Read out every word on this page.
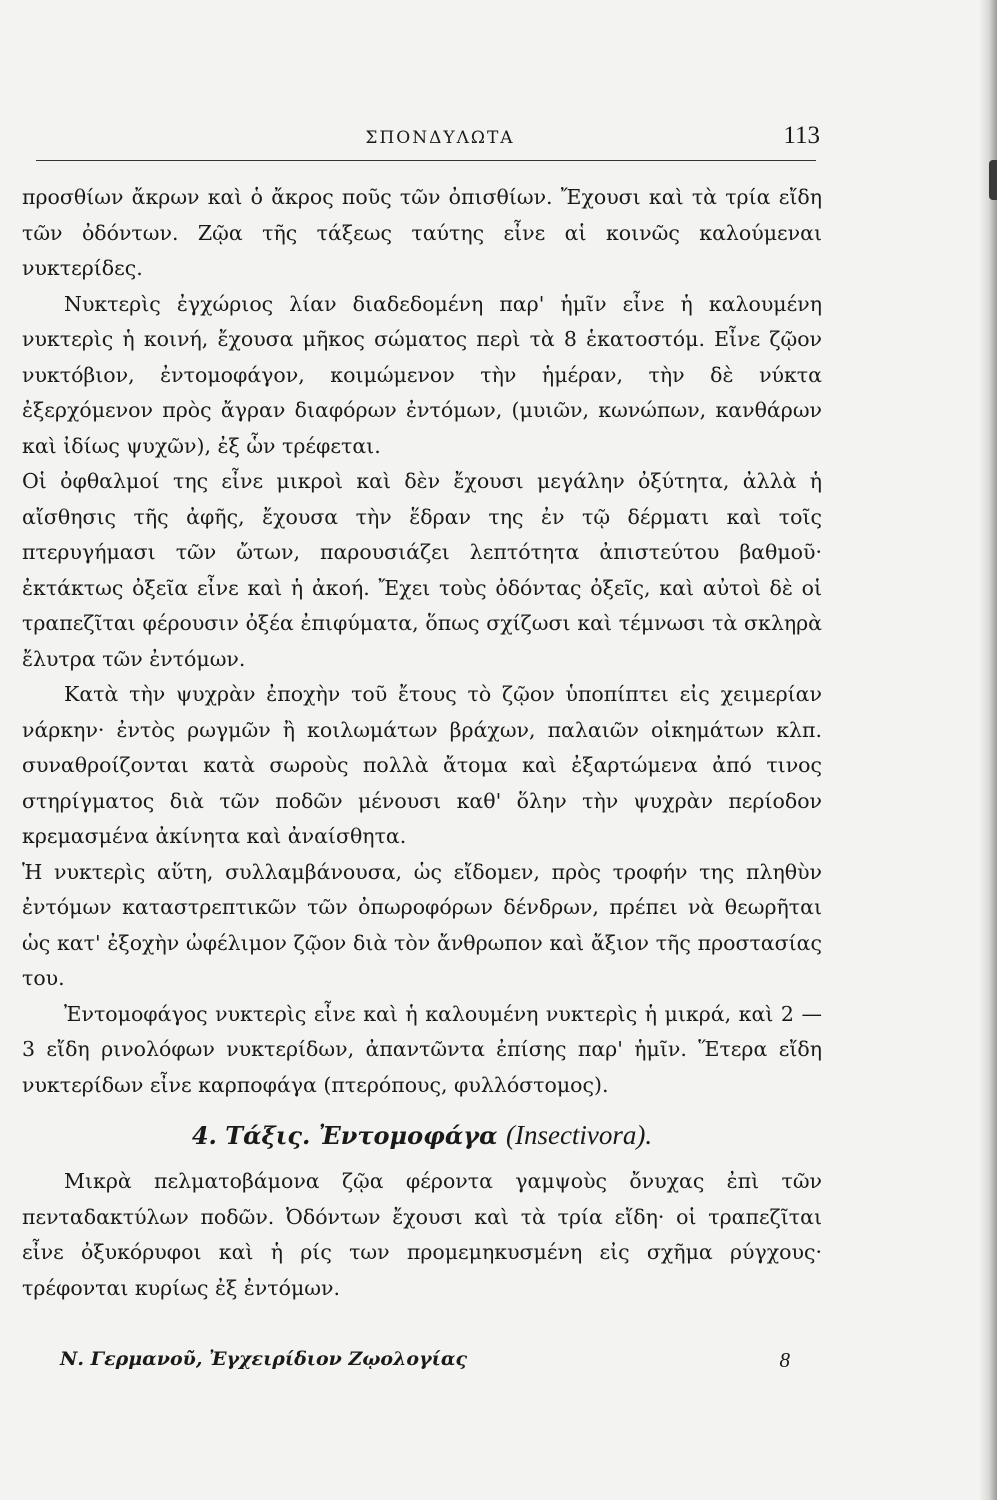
ΣΠΟΝΔΥΛΩΤΑ	113

προσθίων ἄκρων καὶ ὁ ἄκρος ποῦς τῶν ὀπισθίων. Ἔχουσι καὶ τὰ τρία εἴδη τῶν ὀδόντων. Ζῷα τῆς τάξεως ταύτης εἶνε αἱ κοινῶς καλούμεναι νυκτερίδες.

Νυκτερὶς ἐγχώριος λίαν διαδεδομένη παρ' ἡμῖν εἶνε ἡ καλουμένη νυκτερὶς ἡ κοινή, ἔχουσα μῆκος σώματος περὶ τὰ 8 ἑκατοστόμ. Εἶνε ζῷον νυκτόβιον, ἐντομοφάγον, κοιμώμενον τὴν ἡμέραν, τὴν δὲ νύκτα ἐξερχόμενον πρὸς ἄγραν διαφόρων ἐντόμων, (μυιῶν, κωνώπων, κανθάρων καὶ ἰδίως ψυχῶν), ἐξ ὧν τρέφεται.

Οἱ ὀφθαλμοί της εἶνε μικροὶ καὶ δὲν ἔχουσι μεγάλην ὀξύτητα, ἀλλὰ ἡ αἴσθησις τῆς ἀφῆς, ἔχουσα τὴν ἕδραν της ἐν τῷ δέρματι καὶ τοῖς πτερυγήμασι τῶν ὤτων, παρουσιάζει λεπτότητα ἀπιστεύτου βαθμοῦ· ἐκτάκτως ὀξεῖα εἶνε καὶ ἡ ἀκοή. Ἔχει τοὺς ὀδόντας ὀξεῖς, καὶ αὐτοὶ δὲ οἱ τραπεζῖται φέρουσιν ὀξέα ἐπιφύματα, ὅπως σχίζωσι καὶ τέμνωσι τὰ σκληρὰ ἔλυτρα τῶν ἐντόμων.

Κατὰ τὴν ψυχρὰν ἐποχὴν τοῦ ἔτους τὸ ζῷον ὑποπίπτει εἰς χειμερίαν νάρκην· ἐντὸς ρωγμῶν ἢ κοιλωμάτων βράχων, παλαιῶν οἰκημάτων κλπ. συναθροίζονται κατὰ σωροὺς πολλὰ ἄτομα καὶ ἐξαρτώμενα ἀπό τινος στηρίγματος διὰ τῶν ποδῶν μένουσι καθ' ὅλην τὴν ψυχρὰν περίοδον κρεμασμένα ἀκίνητα καὶ ἀναίσθητα.

Ἡ νυκτερὶς αὕτη, συλλαμβάνουσα, ὡς εἴδομεν, πρὸς τροφήν της πληθὺν ἐντόμων καταστρεπτικῶν τῶν ὀπωροφόρων δένδρων, πρέπει νὰ θεωρῆται ὡς κατ' ἐξοχὴν ὠφέλιμον ζῷον διὰ τὸν ἄνθρωπον καὶ ἄξιον τῆς προστασίας του.

Ἐντομοφάγος νυκτερὶς εἶνε καὶ ἡ καλουμένη νυκτερὶς ἡ μικρά, καὶ 2 — 3 εἴδη ρινολόφων νυκτερίδων, ἀπαντῶντα ἐπίσης παρ' ἡμῖν. Ἕτερα εἴδη νυκτερίδων εἶνε καρποφάγα (πτερόπους, φυλλόστομος).

4. Τάξις. Ἐντομοφάγα (Insectivora).

Μικρὰ πελματοβάμονα ζῷα φέροντα γαμψοὺς ὄνυχας ἐπὶ τῶν πενταδακτύλων ποδῶν. Ὀδόντων ἔχουσι καὶ τὰ τρία εἴδη· οἱ τραπεζῖται εἶνε ὀξυκόρυφοι καὶ ἡ ρίς των προμεμηκυσμένη εἰς σχῆμα ρύγχους· τρέφονται κυρίως ἐξ ἐντόμων.

Ν. Γερμανοῦ, Ἐγχειρίδιον Ζῳολογίας	8
